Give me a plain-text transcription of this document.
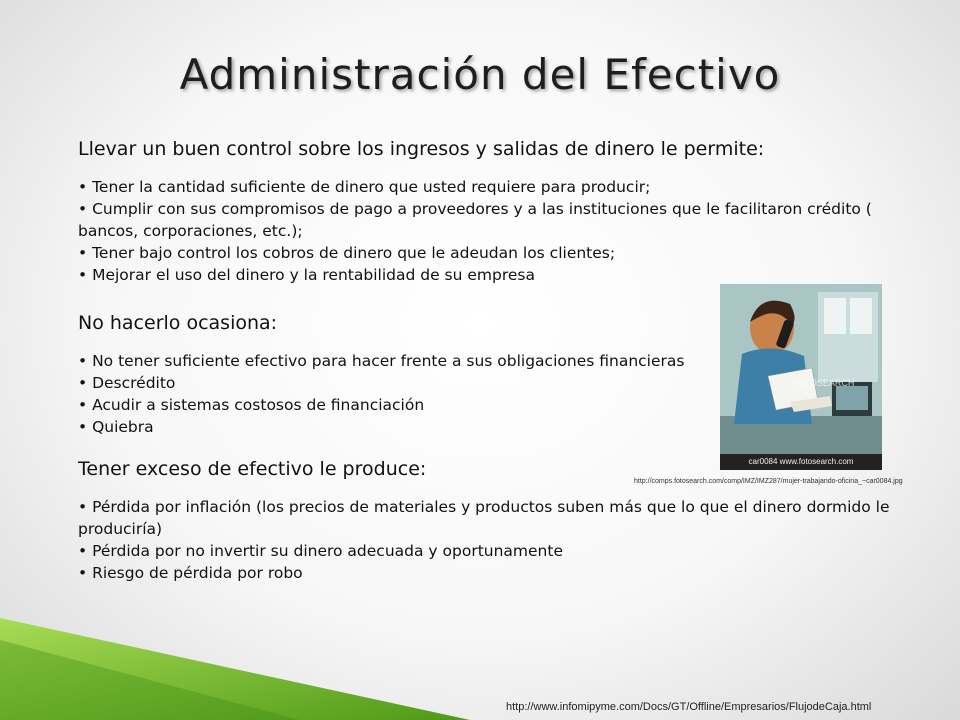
Administración del Efectivo

Llevar un buen control sobre los ingresos y salidas de dinero le permite:

• Tener la cantidad suficiente de dinero que usted requiere para producir;

• Cumplir con sus compromisos de pago a proveedores y a las instituciones que le facilitaron crédito ( bancos, corporaciones, etc.);

• Tener bajo control los cobros de dinero que le adeudan los clientes;

• Mejorar el uso del dinero y la rentabilidad de su empresa

No hacerlo ocasiona:

• No tener suficiente efectivo para hacer frente a sus obligaciones financieras

• Descrédito

• Acudir a sistemas costosos de financiación

• Quiebra

Tener exceso de efectivo le produce:

• Pérdida por inflación (los precios de materiales y productos suben más que lo que el dinero dormido le produciría)

• Pérdida por no invertir su dinero adecuada y oportunamente

• Riesgo de pérdida por robo

FOTOSEARCH
car0084 www.fotosearch.com
http://comps.fotosearch.com/comp/IMZ/IMZ287/mujer-trabajando-oficina_~car0084.jpg
http://www.infomipyme.com/Docs/GT/Offline/Empresarios/FlujodeCaja.html
